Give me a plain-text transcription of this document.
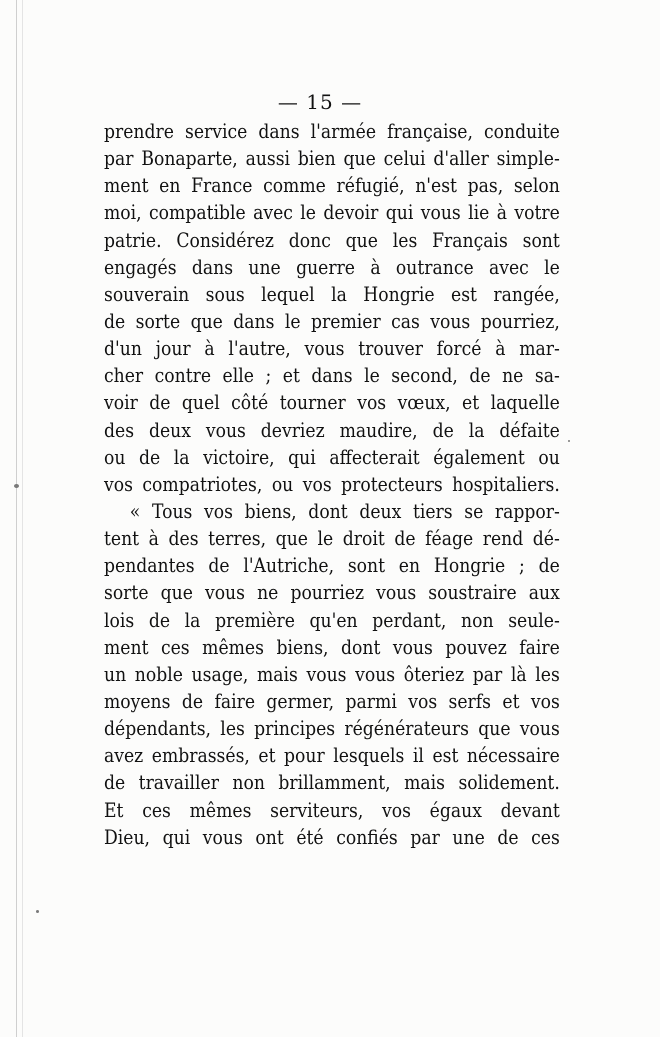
— 15 —
prendre service dans l'armée française, conduite
par Bonaparte, aussi bien que celui d'aller simple-
ment en France comme réfugié, n'est pas, selon
moi, compatible avec le devoir qui vous lie à votre
patrie. Considérez donc que les Français sont
engagés dans une guerre à outrance avec le
souverain sous lequel la Hongrie est rangée,
de sorte que dans le premier cas vous pourriez,
d'un jour à l'autre, vous trouver forcé à mar-
cher contre elle ; et dans le second, de ne sa-
voir de quel côté tourner vos vœux, et laquelle
des deux vous devriez maudire, de la défaite
ou de la victoire, qui affecterait également ou
vos compatriotes, ou vos protecteurs hospitaliers.
« Tous vos biens, dont deux tiers se rappor-
tent à des terres, que le droit de féage rend dé-
pendantes de l'Autriche, sont en Hongrie ; de
sorte que vous ne pourriez vous soustraire aux
lois de la première qu'en perdant, non seule-
ment ces mêmes biens, dont vous pouvez faire
un noble usage, mais vous vous ôteriez par là les
moyens de faire germer, parmi vos serfs et vos
dépendants, les principes régénérateurs que vous
avez embrassés, et pour lesquels il est nécessaire
de travailler non brillamment, mais solidement.
Et ces mêmes serviteurs, vos égaux devant
Dieu, qui vous ont été confiés par une de ces
